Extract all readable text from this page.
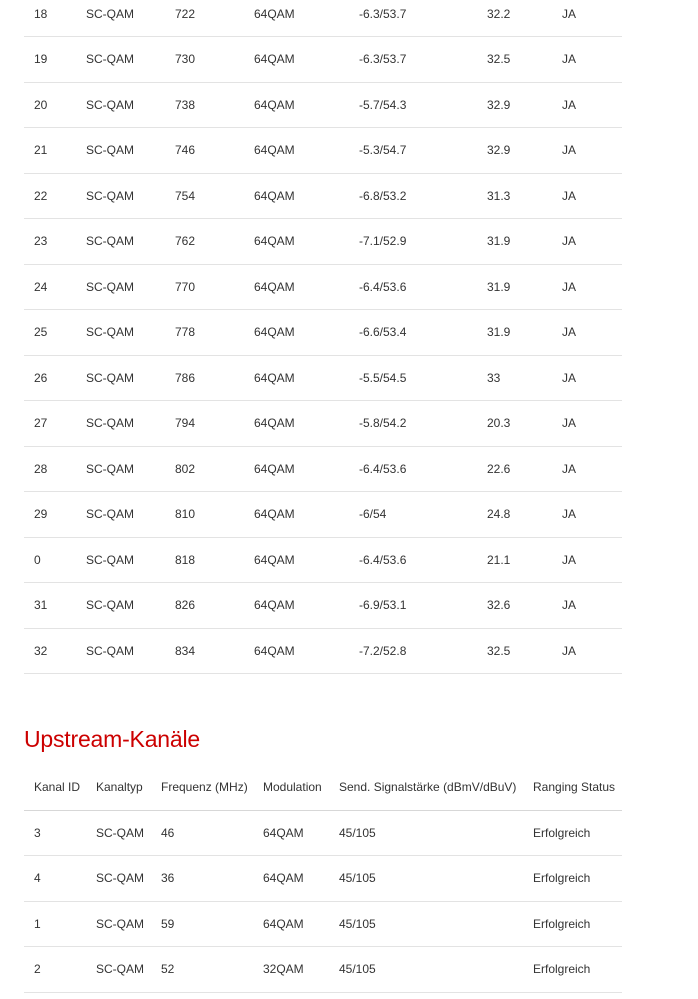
18	SC-QAM	722	64QAM	-6.3/53.7	32.2	JA
19	SC-QAM	730	64QAM	-6.3/53.7	32.5	JA
20	SC-QAM	738	64QAM	-5.7/54.3	32.9	JA
21	SC-QAM	746	64QAM	-5.3/54.7	32.9	JA
22	SC-QAM	754	64QAM	-6.8/53.2	31.3	JA
23	SC-QAM	762	64QAM	-7.1/52.9	31.9	JA
24	SC-QAM	770	64QAM	-6.4/53.6	31.9	JA
25	SC-QAM	778	64QAM	-6.6/53.4	31.9	JA
26	SC-QAM	786	64QAM	-5.5/54.5	33	JA
27	SC-QAM	794	64QAM	-5.8/54.2	20.3	JA
28	SC-QAM	802	64QAM	-6.4/53.6	22.6	JA
29	SC-QAM	810	64QAM	-6/54	24.8	JA
0	SC-QAM	818	64QAM	-6.4/53.6	21.1	JA
31	SC-QAM	826	64QAM	-6.9/53.1	32.6	JA
32	SC-QAM	834	64QAM	-7.2/52.8	32.5	JA
Upstream-Kanäle
Kanal ID	Kanaltyp	Frequenz (MHz)	Modulation	Send. Signalstärke (dBmV/dBuV)	Ranging Status
3	SC-QAM	46	64QAM	45/105	Erfolgreich
4	SC-QAM	36	64QAM	45/105	Erfolgreich
1	SC-QAM	59	64QAM	45/105	Erfolgreich
2	SC-QAM	52	32QAM	45/105	Erfolgreich
